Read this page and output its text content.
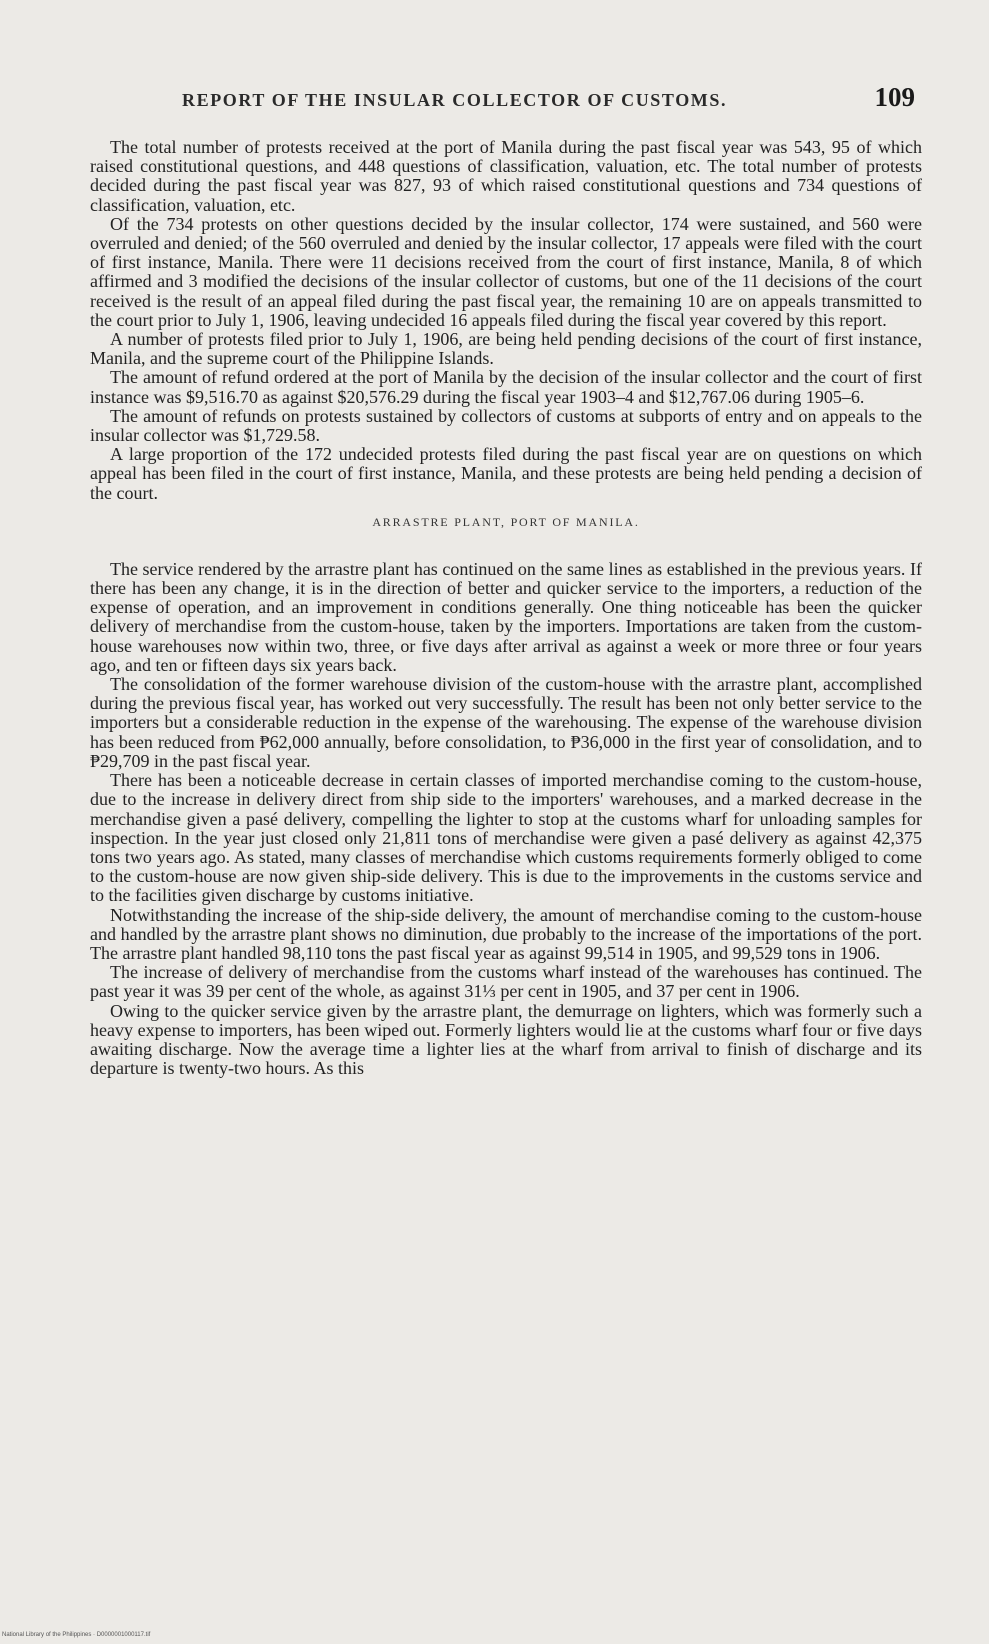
REPORT OF THE INSULAR COLLECTOR OF CUSTOMS.	109

The total number of protests received at the port of Manila during the past fiscal year was 543, 95 of which raised constitutional questions, and 448 questions of classification, valuation, etc. The total number of protests decided during the past fiscal year was 827, 93 of which raised constitutional questions and 734 questions of classification, valuation, etc.

Of the 734 protests on other questions decided by the insular collector, 174 were sustained, and 560 were overruled and denied; of the 560 overruled and denied by the insular collector, 17 appeals were filed with the court of first instance, Manila. There were 11 decisions received from the court of first instance, Manila, 8 of which affirmed and 3 modified the decisions of the insular collector of customs, but one of the 11 decisions of the court received is the result of an appeal filed during the past fiscal year, the remaining 10 are on appeals transmitted to the court prior to July 1, 1906, leaving undecided 16 appeals filed during the fiscal year covered by this report.

A number of protests filed prior to July 1, 1906, are being held pending decisions of the court of first instance, Manila, and the supreme court of the Philippine Islands.

The amount of refund ordered at the port of Manila by the decision of the insular collector and the court of first instance was $9,516.70 as against $20,576.29 during the fiscal year 1903–4 and $12,767.06 during 1905–6.

The amount of refunds on protests sustained by collectors of customs at subports of entry and on appeals to the insular collector was $1,729.58.

A large proportion of the 172 undecided protests filed during the past fiscal year are on questions on which appeal has been filed in the court of first instance, Manila, and these protests are being held pending a decision of the court.

ARRASTRE PLANT, PORT OF MANILA.

The service rendered by the arrastre plant has continued on the same lines as established in the previous years. If there has been any change, it is in the direction of better and quicker service to the importers, a reduction of the expense of operation, and an improvement in conditions generally. One thing noticeable has been the quicker delivery of merchandise from the custom-house, taken by the importers. Importations are taken from the custom-house warehouses now within two, three, or five days after arrival as against a week or more three or four years ago, and ten or fifteen days six years back.

The consolidation of the former warehouse division of the custom-house with the arrastre plant, accomplished during the previous fiscal year, has worked out very successfully. The result has been not only better service to the importers but a considerable reduction in the expense of the warehousing. The expense of the warehouse division has been reduced from ₱62,000 annually, before consolidation, to ₱36,000 in the first year of consolidation, and to ₱29,709 in the past fiscal year.

There has been a noticeable decrease in certain classes of imported merchandise coming to the custom-house, due to the increase in delivery direct from ship side to the importers' warehouses, and a marked decrease in the merchandise given a pasé delivery, compelling the lighter to stop at the customs wharf for unloading samples for inspection. In the year just closed only 21,811 tons of merchandise were given a pasé delivery as against 42,375 tons two years ago. As stated, many classes of merchandise which customs requirements formerly obliged to come to the custom-house are now given ship-side delivery. This is due to the improvements in the customs service and to the facilities given discharge by customs initiative.

Notwithstanding the increase of the ship-side delivery, the amount of merchandise coming to the custom-house and handled by the arrastre plant shows no diminution, due probably to the increase of the importations of the port. The arrastre plant handled 98,110 tons the past fiscal year as against 99,514 in 1905, and 99,529 tons in 1906.

The increase of delivery of merchandise from the customs wharf instead of the warehouses has continued. The past year it was 39 per cent of the whole, as against 31⅓ per cent in 1905, and 37 per cent in 1906.

Owing to the quicker service given by the arrastre plant, the demurrage on lighters, which was formerly such a heavy expense to importers, has been wiped out. Formerly lighters would lie at the customs wharf four or five days awaiting discharge. Now the average time a lighter lies at the wharf from arrival to finish of discharge and its departure is twenty-two hours. As this

National Library of the Philippines · D0000001000117.tif
